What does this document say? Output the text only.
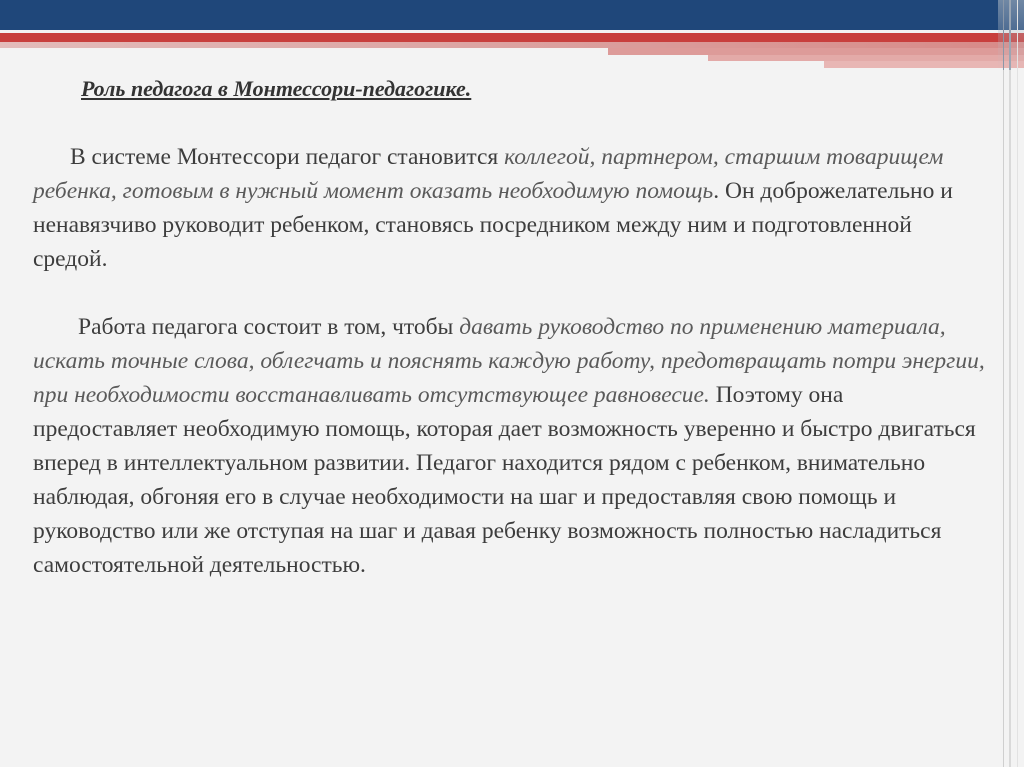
Роль педагога в Монтессори-педагогике.

В системе Монтессори педагог становится коллегой, партнером, старшим товарищем ребенка, готовым в нужный момент оказать необходимую помощь. Он доброжелательно и ненавязчиво руководит ребенком, становясь посредником между ним и подготовленной средой.

Работа педагога состоит в том, чтобы давать руководство по применению материала, искать точные слова, облегчать и пояснять каждую работу, предотвращать потри энергии, при необходимости восстанавливать отсутствующее равновесие. Поэтому она предоставляет необходимую помощь, которая дает возможность уверенно и быстро двигаться вперед в интеллектуальном развитии. Педагог находится рядом с ребенком, внимательно наблюдая, обгоняя его в случае необходимости на шаг и предоставляя свою помощь и руководство или же отступая на шаг и давая ребенку возможность полностью насладиться самостоятельной деятельностью.
